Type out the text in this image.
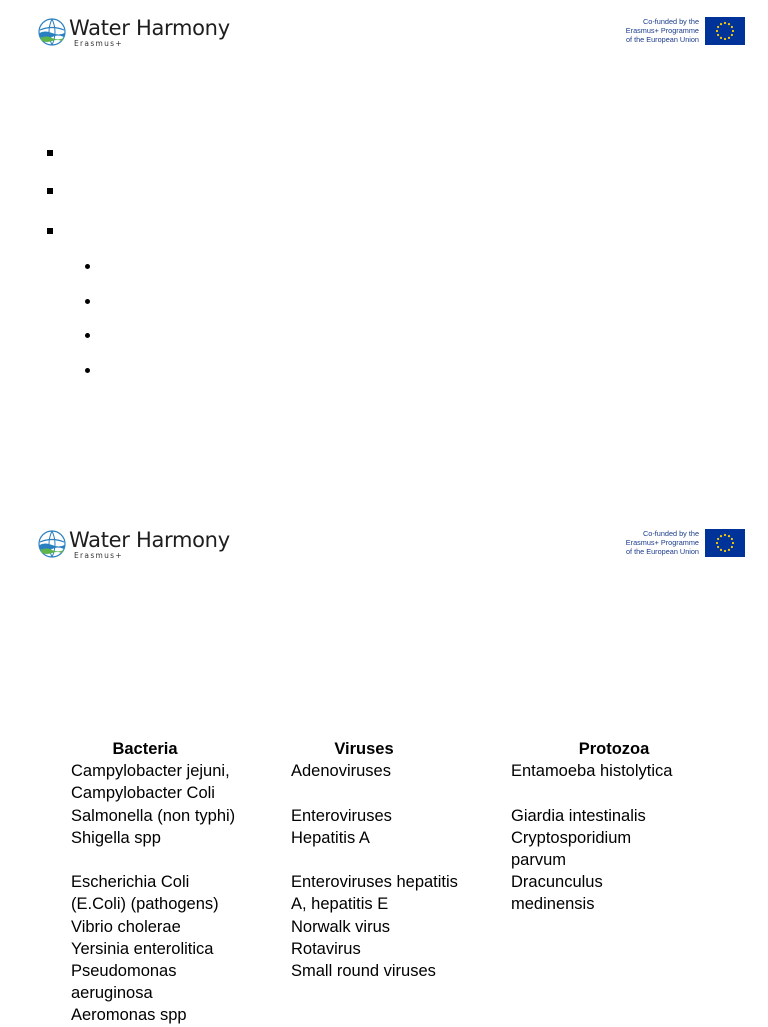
Water Harmony
Erasmus+
Co-funded by the
Erasmus+ Programme
of the European Union
Water Harmony
Erasmus+
Co-funded by the
Erasmus+ Programme
of the European Union
Bacteria
Campylobacter jejuni,
Campylobacter Coli
Salmonella (non typhi)
Shigella spp
Escherichia Coli
(E.Coli) (pathogens)
Vibrio cholerae
Yersinia enterolitica
Pseudomonas
aeruginosa
Aeromonas spp
Viruses
Adenoviruses
Enteroviruses
Hepatitis A
Enteroviruses hepatitis
A, hepatitis E
Norwalk virus
Rotavirus
Small round viruses
Protozoa
Entamoeba histolytica
Giardia intestinalis
Cryptosporidium
parvum
Dracunculus
medinensis
